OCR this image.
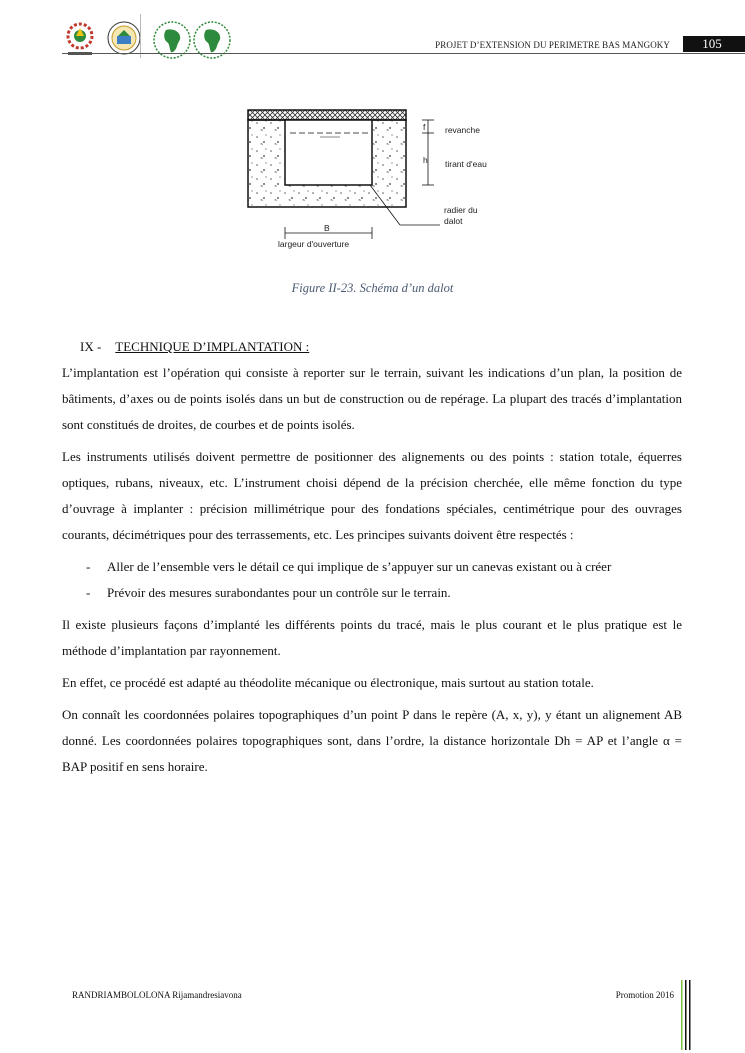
PROJET D’EXTENSION DU PERIMETRE BAS MANGOKY	105
f
h
revanche
tirant d'eau
radier du
dalot
B
largeur d'ouverture
Figure II-23. Schéma d’un dalot
IX - TECHNIQUE D’IMPLANTATION :

L’implantation est l’opération qui consiste à reporter sur le terrain, suivant les indications d’un plan, la position de bâtiments, d’axes ou de points isolés dans un but de construction ou de repérage. La plupart des tracés d’implantation sont constitués de droites, de courbes et de points isolés.

Les instruments utilisés doivent permettre de positionner des alignements ou des points : station totale, équerres optiques, rubans, niveaux, etc. L’instrument choisi dépend de la précision cherchée, elle même fonction du type d’ouvrage à implanter : précision millimétrique pour des fondations spéciales, centimétrique pour des ouvrages courants, décimétriques pour des terrassements, etc. Les principes suivants doivent être respectés :

- Aller de l’ensemble vers le détail ce qui implique de s’appuyer sur un canevas existant ou à créer
- Prévoir des mesures surabondantes pour un contrôle sur le terrain.

Il existe plusieurs façons d’implanté les différents points du tracé, mais le plus courant et le plus pratique est le méthode d’implantation par rayonnement.

En effet, ce procédé est adapté au théodolite mécanique ou électronique, mais surtout au station totale.

On connaît les coordonnées polaires topographiques d’un point P dans le repère (A, x, y), y étant un alignement AB donné. Les coordonnées polaires topographiques sont, dans l’ordre, la distance horizontale Dh = AP et l’angle α = BAP positif en sens horaire.

RANDRIAMBOLOLONA Rijamandresiavona	Promotion 2016
